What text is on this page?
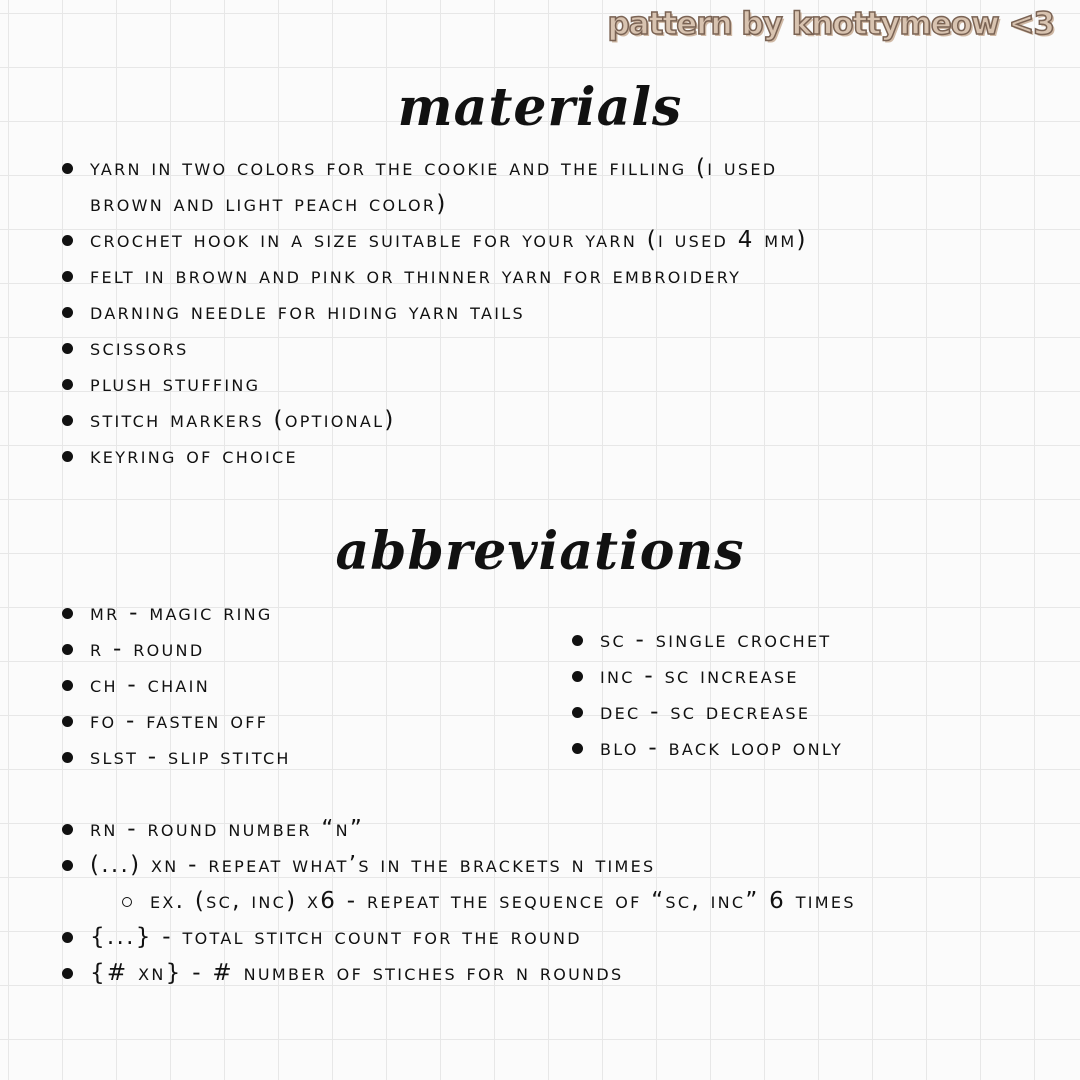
pattern by knottymeow <3
materials
yarn in two colors for the cookie and the filling (i used
brown and light peach color)
crochet hook in a size suitable for your yarn (i used 4 mm)
felt in brown and pink or thinner yarn for embroidery
darning needle for hiding yarn tails
scissors
plush stuffing
stitch markers (optional)
keyring of choice
abbreviations
mr - magic ring
r - round
ch - chain
fo - fasten off
slst - slip stitch
sc - single crochet
inc - sc increase
dec - sc decrease
blo - back loop only
rn - round number “n”
(...) xn - repeat what’s in the brackets n times
ex. (sc, inc) x6 - repeat the sequence of “sc, inc” 6 times
{...} - total stitch count for the round
{# xn} - # number of stiches for n rounds
